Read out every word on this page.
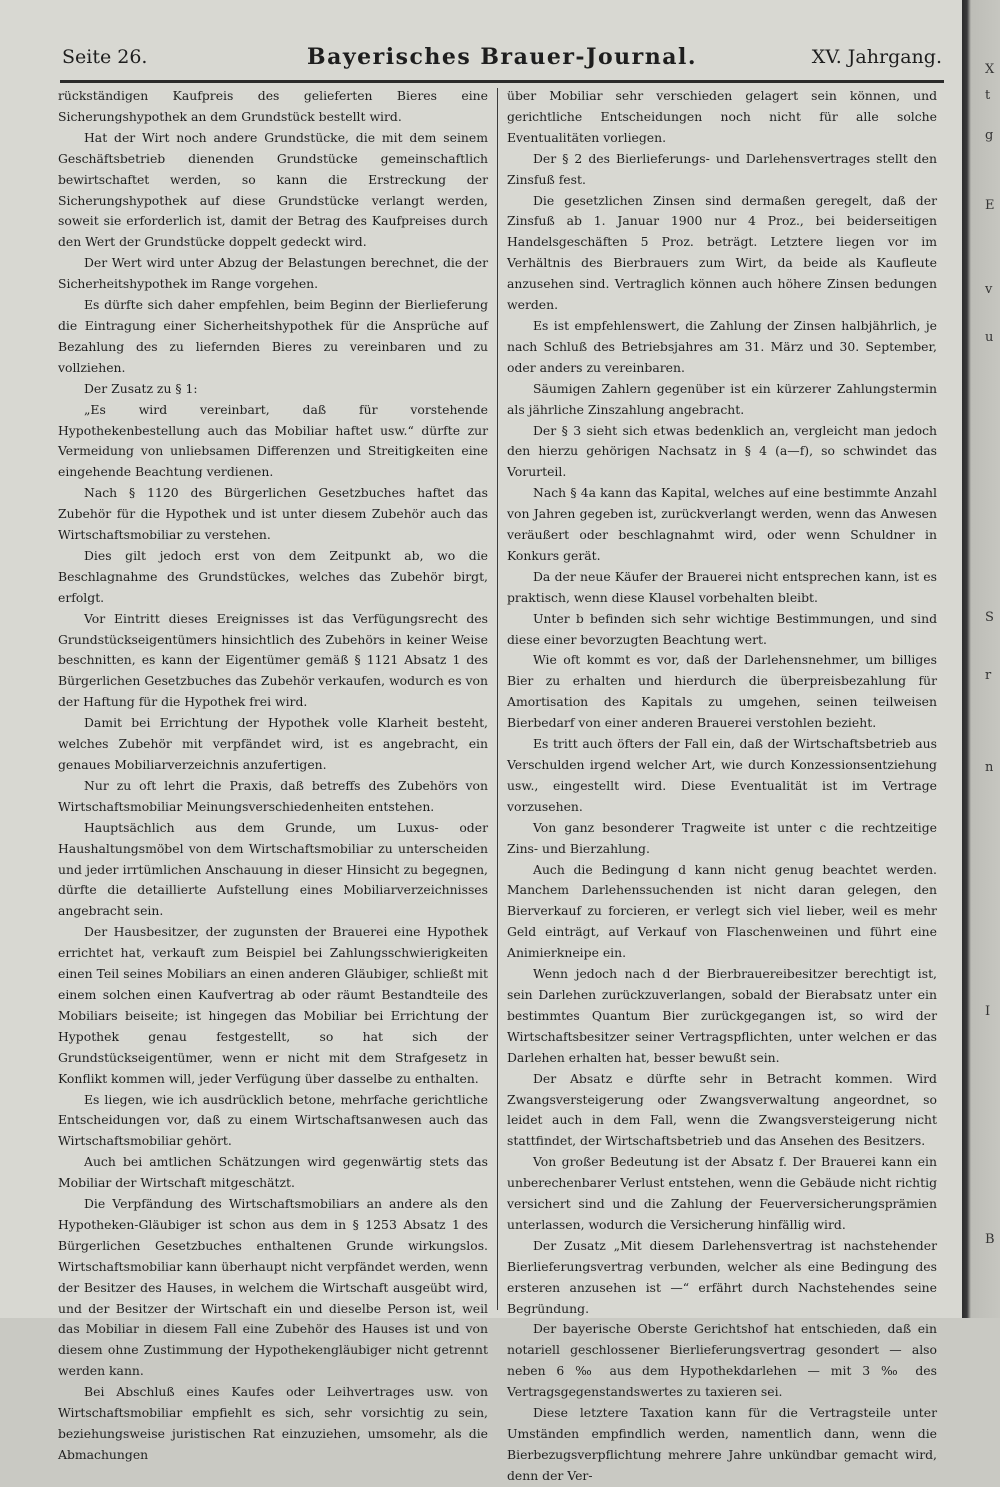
Seite 26.	Bayerisches Brauer-Journal.	XV. Jahrgang.

rückständigen Kaufpreis des gelieferten Bieres eine Sicherungshypothek an dem Grundstück bestellt wird.

Hat der Wirt noch andere Grundstücke, die mit dem seinem Geschäftsbetrieb dienenden Grundstücke gemeinschaftlich bewirtschaftet werden, so kann die Erstreckung der Sicherungshypothek auf diese Grundstücke verlangt werden, soweit sie erforderlich ist, damit der Betrag des Kaufpreises durch den Wert der Grundstücke doppelt gedeckt wird.

Der Wert wird unter Abzug der Belastungen berechnet, die der Sicherheitshypothek im Range vorgehen.

Es dürfte sich daher empfehlen, beim Beginn der Bierlieferung die Eintragung einer Sicherheitshypothek für die Ansprüche auf Bezahlung des zu liefernden Bieres zu vereinbaren und zu vollziehen.

Der Zusatz zu § 1:

„Es wird vereinbart, daß für vorstehende Hypothekenbestellung auch das Mobiliar haftet usw.“ dürfte zur Vermeidung von unliebsamen Differenzen und Streitigkeiten eine eingehende Beachtung verdienen.

Nach § 1120 des Bürgerlichen Gesetzbuches haftet das Zubehör für die Hypothek und ist unter diesem Zubehör auch das Wirtschaftsmobiliar zu verstehen.

Dies gilt jedoch erst von dem Zeitpunkt ab, wo die Beschlagnahme des Grundstückes, welches das Zubehör birgt, erfolgt.

Vor Eintritt dieses Ereignisses ist das Verfügungsrecht des Grundstückseigentümers hinsichtlich des Zubehörs in keiner Weise beschnitten, es kann der Eigentümer gemäß § 1121 Absatz 1 des Bürgerlichen Gesetzbuches das Zubehör verkaufen, wodurch es von der Haftung für die Hypothek frei wird.

Damit bei Errichtung der Hypothek volle Klarheit besteht, welches Zubehör mit verpfändet wird, ist es angebracht, ein genaues Mobiliarverzeichnis anzufertigen.

Nur zu oft lehrt die Praxis, daß betreffs des Zubehörs von Wirtschaftsmobiliar Meinungsverschiedenheiten entstehen.

Hauptsächlich aus dem Grunde, um Luxus- oder Haushaltungsmöbel von dem Wirtschaftsmobiliar zu unterscheiden und jeder irrtümlichen Anschauung in dieser Hinsicht zu begegnen, dürfte die detaillierte Aufstellung eines Mobiliarverzeichnisses angebracht sein.

Der Hausbesitzer, der zugunsten der Brauerei eine Hypothek errichtet hat, verkauft zum Beispiel bei Zahlungsschwierigkeiten einen Teil seines Mobiliars an einen anderen Gläubiger, schließt mit einem solchen einen Kaufvertrag ab oder räumt Bestandteile des Mobiliars beiseite; ist hingegen das Mobiliar bei Errichtung der Hypothek genau festgestellt, so hat sich der Grundstückseigentümer, wenn er nicht mit dem Strafgesetz in Konflikt kommen will, jeder Verfügung über dasselbe zu enthalten.

Es liegen, wie ich ausdrücklich betone, mehrfache gerichtliche Entscheidungen vor, daß zu einem Wirtschaftsanwesen auch das Wirtschaftsmobiliar gehört.

Auch bei amtlichen Schätzungen wird gegenwärtig stets das Mobiliar der Wirtschaft mitgeschätzt.

Die Verpfändung des Wirtschaftsmobiliars an andere als den Hypotheken-Gläubiger ist schon aus dem in § 1253 Absatz 1 des Bürgerlichen Gesetzbuches enthaltenen Grunde wirkungslos. Wirtschaftsmobiliar kann überhaupt nicht verpfändet werden, wenn der Besitzer des Hauses, in welchem die Wirtschaft ausgeübt wird, und der Besitzer der Wirtschaft ein und dieselbe Person ist, weil das Mobiliar in diesem Fall eine Zubehör des Hauses ist und von diesem ohne Zustimmung der Hypothekengläubiger nicht getrennt werden kann.

Bei Abschluß eines Kaufes oder Leihvertrages usw. von Wirtschaftsmobiliar empfiehlt es sich, sehr vorsichtig zu sein, beziehungsweise juristischen Rat einzuziehen, umsomehr, als die Abmachungen

über Mobiliar sehr verschieden gelagert sein können, und gerichtliche Entscheidungen noch nicht für alle solche Eventualitäten vorliegen.

Der § 2 des Bierlieferungs- und Darlehensvertrages stellt den Zinsfuß fest.

Die gesetzlichen Zinsen sind dermaßen geregelt, daß der Zinsfuß ab 1. Januar 1900 nur 4 Proz., bei beiderseitigen Handelsgeschäften 5 Proz. beträgt. Letztere liegen vor im Verhältnis des Bierbrauers zum Wirt, da beide als Kaufleute anzusehen sind. Vertraglich können auch höhere Zinsen bedungen werden.

Es ist empfehlenswert, die Zahlung der Zinsen halbjährlich, je nach Schluß des Betriebsjahres am 31. März und 30. September, oder anders zu vereinbaren.

Säumigen Zahlern gegenüber ist ein kürzerer Zahlungstermin als jährliche Zinszahlung angebracht.

Der § 3 sieht sich etwas bedenklich an, vergleicht man jedoch den hierzu gehörigen Nachsatz in § 4 (a—f), so schwindet das Vorurteil.

Nach § 4a kann das Kapital, welches auf eine bestimmte Anzahl von Jahren gegeben ist, zurückverlangt werden, wenn das Anwesen veräußert oder beschlagnahmt wird, oder wenn Schuldner in Konkurs gerät.

Da der neue Käufer der Brauerei nicht entsprechen kann, ist es praktisch, wenn diese Klausel vorbehalten bleibt.

Unter b befinden sich sehr wichtige Bestimmungen, und sind diese einer bevorzugten Beachtung wert.

Wie oft kommt es vor, daß der Darlehensnehmer, um billiges Bier zu erhalten und hierdurch die überpreisbezahlung für Amortisation des Kapitals zu umgehen, seinen teilweisen Bierbedarf von einer anderen Brauerei verstohlen bezieht.

Es tritt auch öfters der Fall ein, daß der Wirtschaftsbetrieb aus Verschulden irgend welcher Art, wie durch Konzessionsentziehung usw., eingestellt wird. Diese Eventualität ist im Vertrage vorzusehen.

Von ganz besonderer Tragweite ist unter c die rechtzeitige Zins- und Bierzahlung.

Auch die Bedingung d kann nicht genug beachtet werden. Manchem Darlehenssuchenden ist nicht daran gelegen, den Bierverkauf zu forcieren, er verlegt sich viel lieber, weil es mehr Geld einträgt, auf Verkauf von Flaschenweinen und führt eine Animierkneipe ein.

Wenn jedoch nach d der Bierbrauereibesitzer berechtigt ist, sein Darlehen zurückzuverlangen, sobald der Bierabsatz unter ein bestimmtes Quantum Bier zurückgegangen ist, so wird der Wirtschaftsbesitzer seiner Vertragspflichten, unter welchen er das Darlehen erhalten hat, besser bewußt sein.

Der Absatz e dürfte sehr in Betracht kommen. Wird Zwangsversteigerung oder Zwangsverwaltung angeordnet, so leidet auch in dem Fall, wenn die Zwangsversteigerung nicht stattfindet, der Wirtschaftsbetrieb und das Ansehen des Besitzers.

Von großer Bedeutung ist der Absatz f. Der Brauerei kann ein unberechenbarer Verlust entstehen, wenn die Gebäude nicht richtig versichert sind und die Zahlung der Feuerversicherungsprämien unterlassen, wodurch die Versicherung hinfällig wird.

Der Zusatz „Mit diesem Darlehensvertrag ist nachstehender Bierlieferungsvertrag verbunden, welcher als eine Bedingung des ersteren anzusehen ist —“ erfährt durch Nachstehendes seine Begründung.

Der bayerische Oberste Gerichtshof hat entschieden, daß ein notariell geschlossener Bierlieferungsvertrag gesondert — also neben 6 ‰ aus dem Hypothekdarlehen — mit 3 ‰ des Vertragsgegenstandswertes zu taxieren sei.

Diese letztere Taxation kann für die Vertragsteile unter Umständen empfindlich werden, namentlich dann, wenn die Bierbezugsverpflichtung mehrere Jahre unkündbar gemacht wird, denn der Ver-

X
t
g
E
v
u
S
r
n
I
B
